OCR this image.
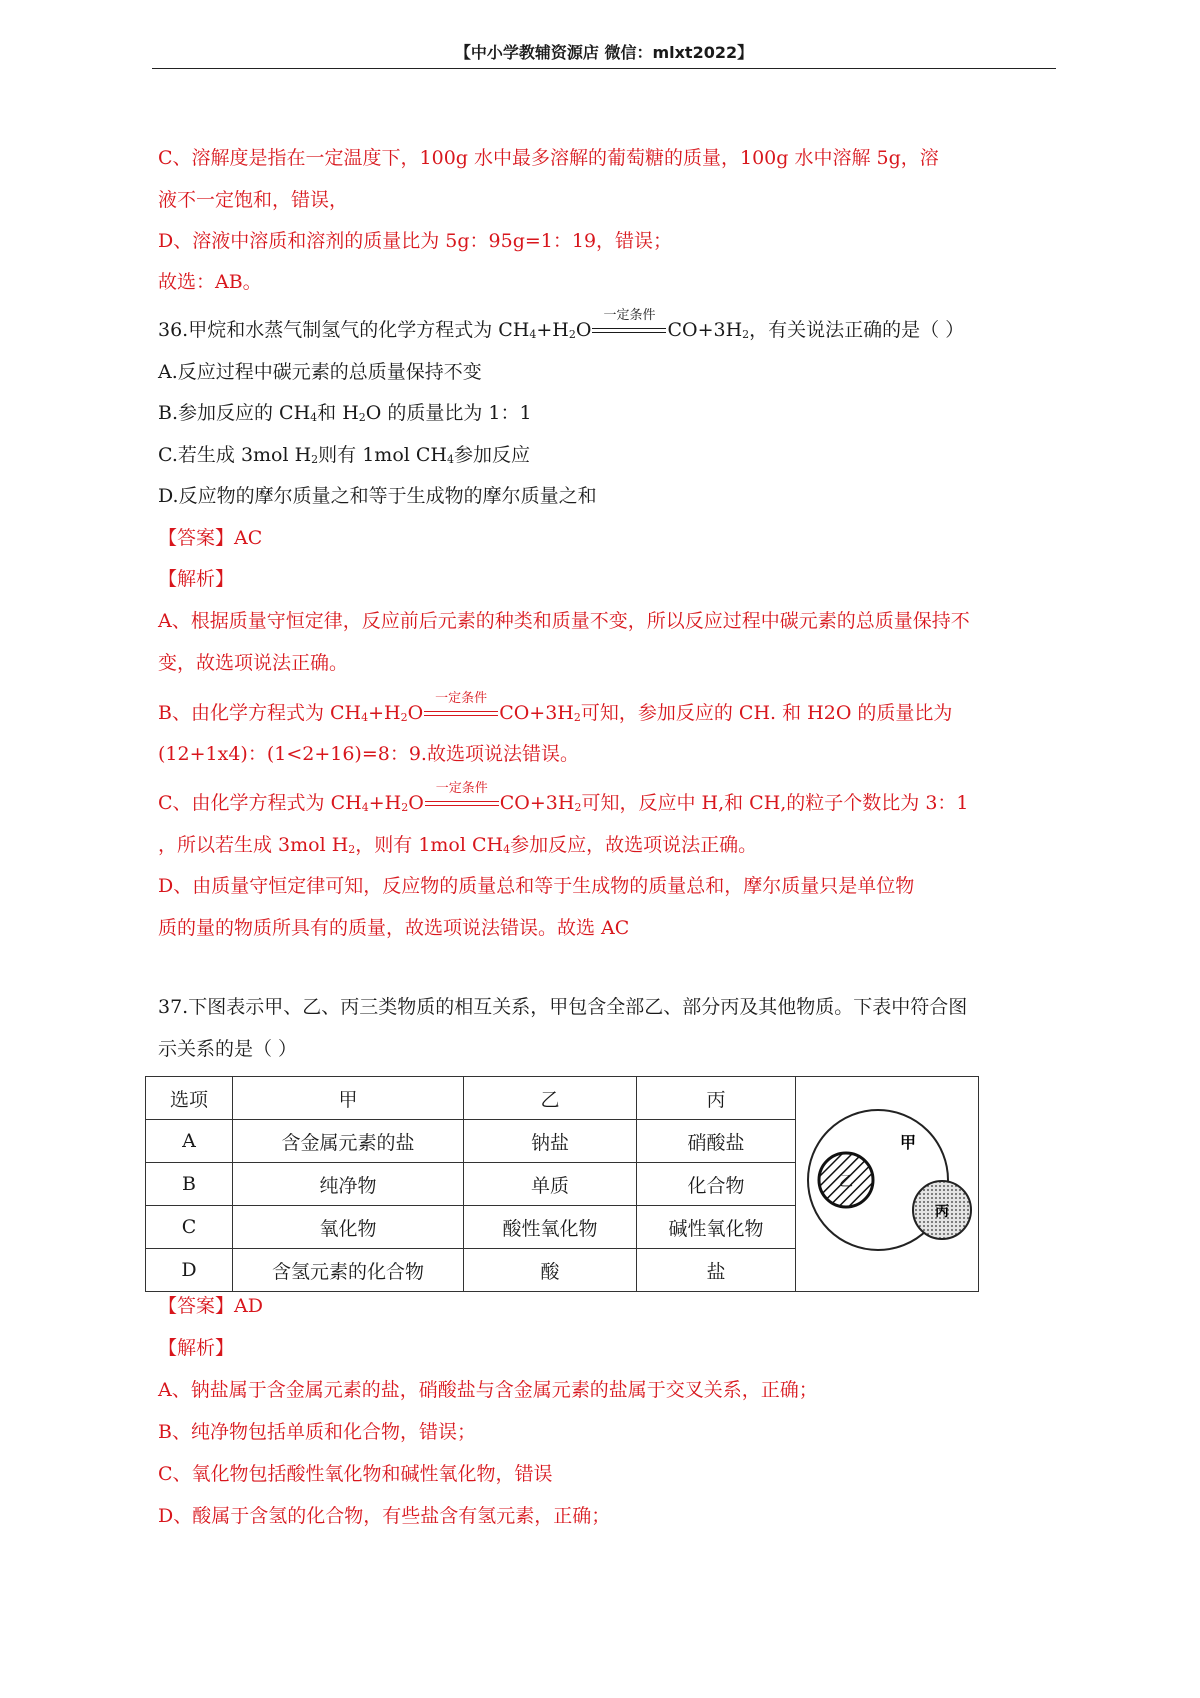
【中小学教辅资源店 微信：mlxt2022】
C、溶解度是指在一定温度下，100g 水中最多溶解的葡萄糖的质量，100g 水中溶解 5g，溶
液不一定饱和，错误，
D、溶液中溶质和溶剂的质量比为 5g：95g=1：19，错误；
故选：AB。
36.甲烷和水蒸气制氢气的化学方程式为 CH4+H2O
一定条件
CO+3H2，有关说法正确的是（ ）
A.反应过程中碳元素的总质量保持不变
B.参加反应的 CH4和 H2O 的质量比为 1：1
C.若生成 3mol H2则有 1mol CH4参加反应
D.反应物的摩尔质量之和等于生成物的摩尔质量之和
【答案】AC
【解析】
A、根据质量守恒定律，反应前后元素的种类和质量不变，所以反应过程中碳元素的总质量保持不
变，故选项说法正确。
B、由化学方程式为 CH4+H2O
一定条件
CO+3H2可知，参加反应的 CH. 和 H2O 的质量比为
(12+1x4)：(1<2+16)=8：9.故选项说法错误。
C、由化学方程式为 CH4+H2O
一定条件
CO+3H2可知，反应中 H,和 CH,的粒子个数比为 3：1
，所以若生成 3mol H2，则有 1mol CH4参加反应，故选项说法正确。
D、由质量守恒定律可知，反应物的质量总和等于生成物的质量总和，摩尔质量只是单位物
质的量的物质所具有的质量，故选项说法错误。故选 AC
37.下图表示甲、乙、丙三类物质的相互关系，甲包含全部乙、部分丙及其他物质。下表中符合图
示关系的是（ ）
选项	甲	乙	丙	甲
乙
丙

A	含金属元素的盐	钠盐	硝酸盐	
B	纯净物	单质	化合物	
C	氧化物	酸性氧化物	碱性氧化物	
D	含氢元素的化合物	酸	盐	
【答案】AD
【解析】
A、钠盐属于含金属元素的盐，硝酸盐与含金属元素的盐属于交叉关系，正确；
B、纯净物包括单质和化合物，错误；
C、氧化物包括酸性氧化物和碱性氧化物，错误
D、酸属于含氢的化合物，有些盐含有氢元素，正确；
